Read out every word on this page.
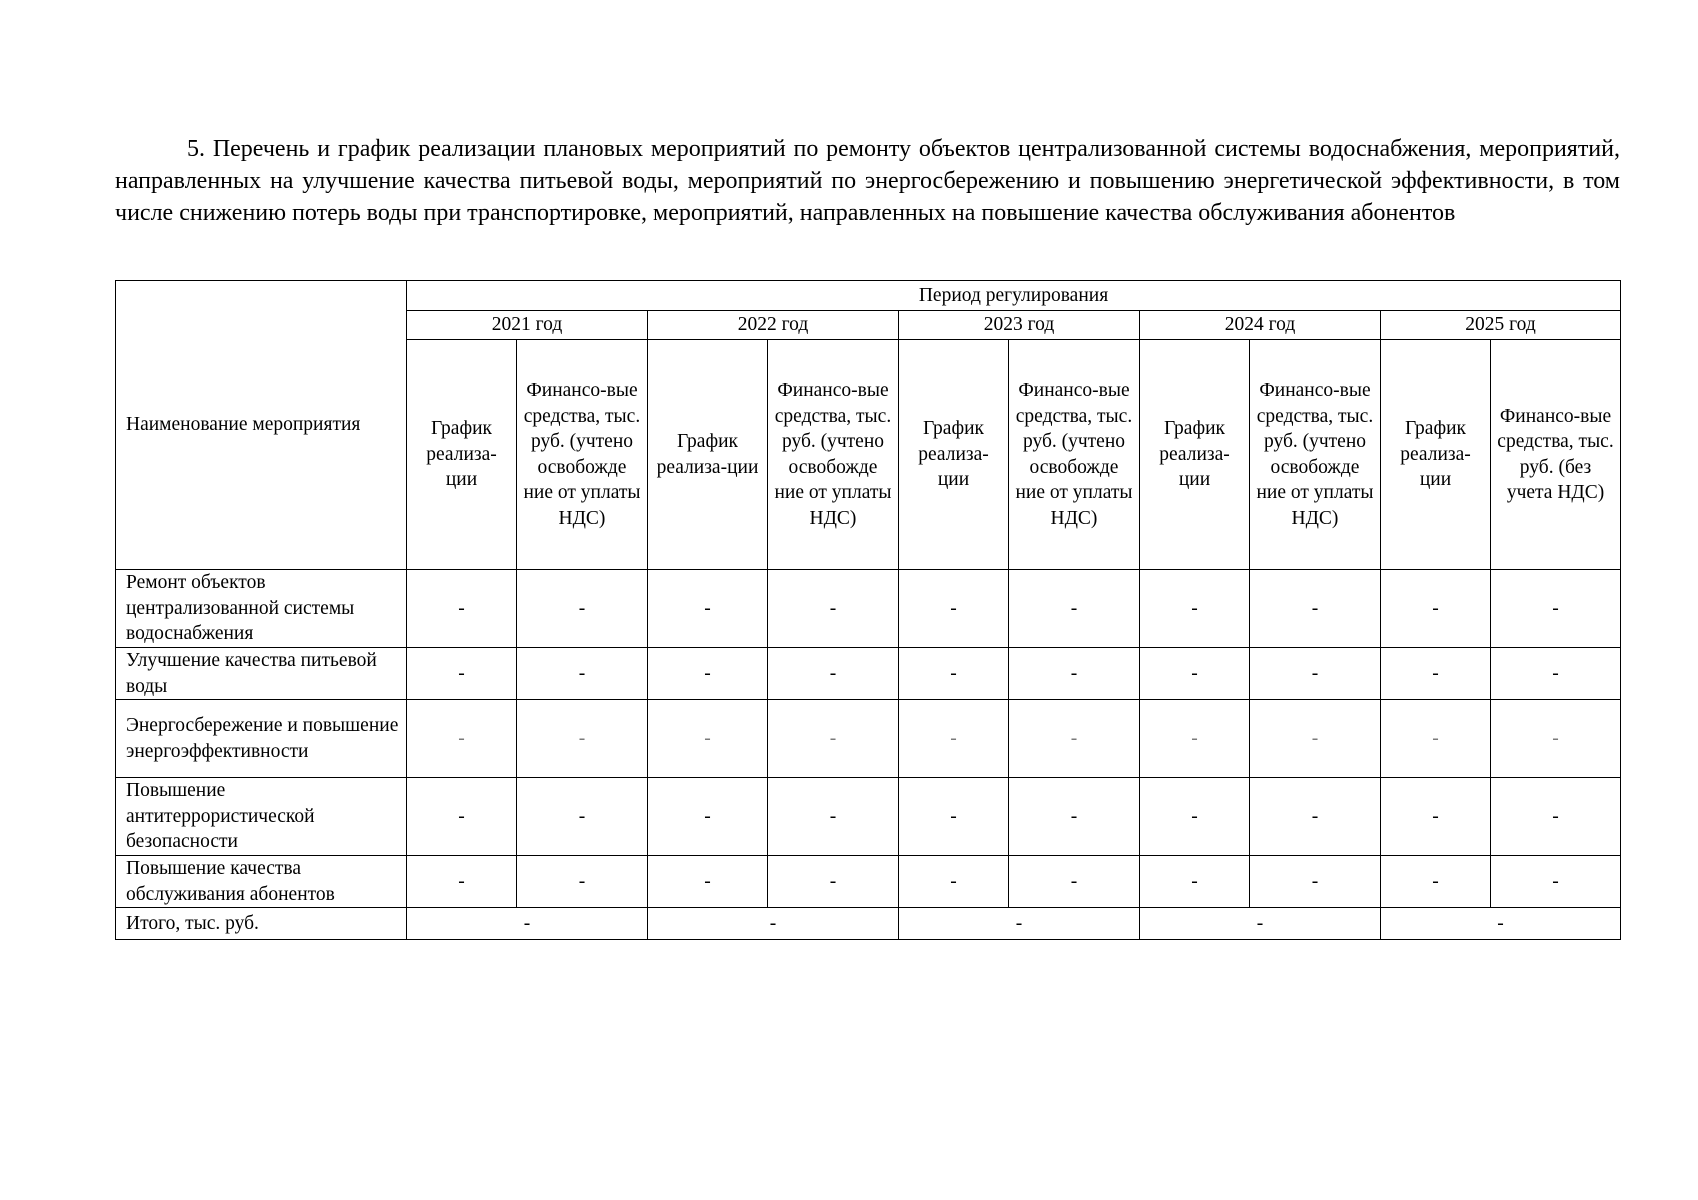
5. Перечень и график реализации плановых мероприятий по ремонту объектов централизованной системы водоснабжения, мероприятий, направленных на улучшение качества питьевой воды, мероприятий по энергосбережению и повышению энергетической эффективности, в том числе снижению потерь воды при транспортировке, мероприятий, направленных на повышение качества обслуживания абонентов
Наименование мероприятия	Период регулирования									
	2021 год		2022 год		2023 год		2024 год		2025 год	
	График реализа-ции	Финансо-вые средства, тыс. руб. (учтено освобожде ние от уплаты НДС)	График реализа-ции	Финансо-вые средства, тыс. руб. (учтено освобожде ние от уплаты НДС)	График реализа-ции	Финансо-вые средства, тыс. руб. (учтено освобожде ние от уплаты НДС)	График реализа-ции	Финансо-вые средства, тыс. руб. (учтено освобожде ние от уплаты НДС)	График реализа-ции	Финансо-вые средства, тыс. руб. (без учета НДС)
Ремонт объектов централизованной системы водоснабжения	-	-	-	-	-	-	-	-	-	-
Улучшение качества питьевой воды	-	-	-	-	-	-	-	-	-	-
Энергосбережение и повышение энергоэффективности	-	-	-	-	-	-	-	-	-	-
Повышение антитеррористической безопасности	-	-	-	-	-	-	-	-	-	-
Повышение качества обслуживания абонентов	-	-	-	-	-	-	-	-	-	-
Итого, тыс. руб.	-		-		-		-		-	
